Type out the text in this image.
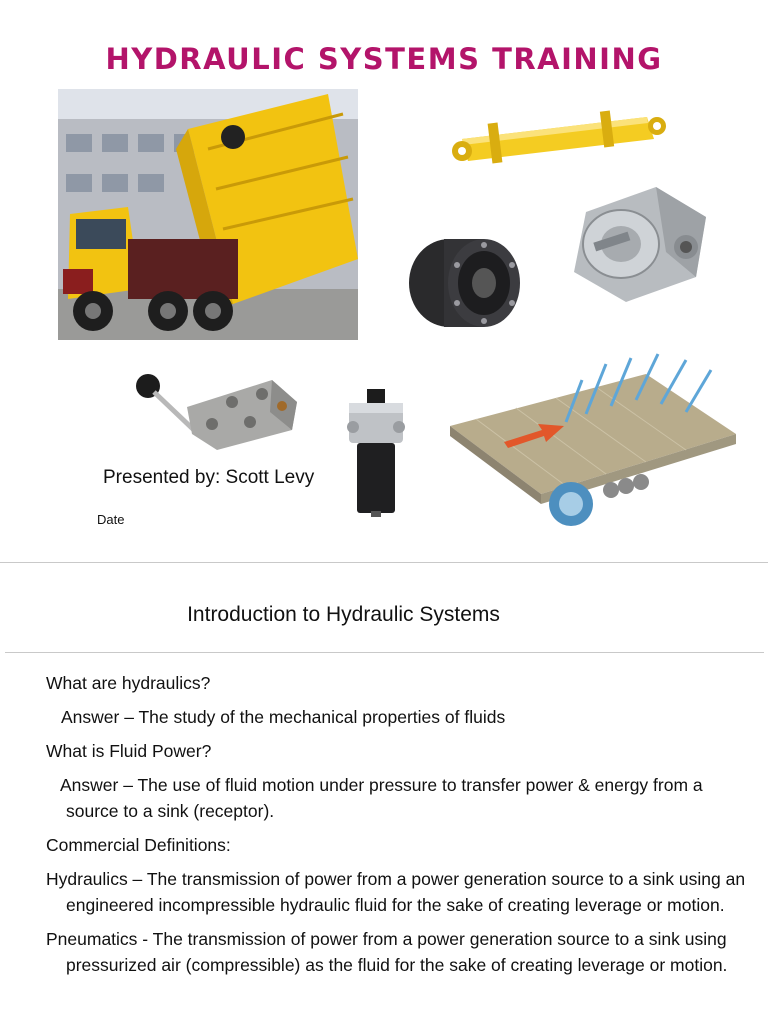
HYDRAULIC SYSTEMS TRAINING
Presented by: Scott Levy
Date
Introduction to Hydraulic Systems

What are hydraulics?

Answer – The study of the mechanical properties of fluids

What is Fluid Power?

Answer – The use of fluid motion under pressure to transfer power & energy from a source to a sink (receptor).

Commercial Definitions:

Hydraulics – The transmission of power from a power generation source to a sink using an engineered incompressible hydraulic fluid for the sake of creating leverage or motion.

Pneumatics - The transmission of power from a power generation source to a sink using pressurized air (compressible) as the fluid for the sake of creating leverage or motion.
